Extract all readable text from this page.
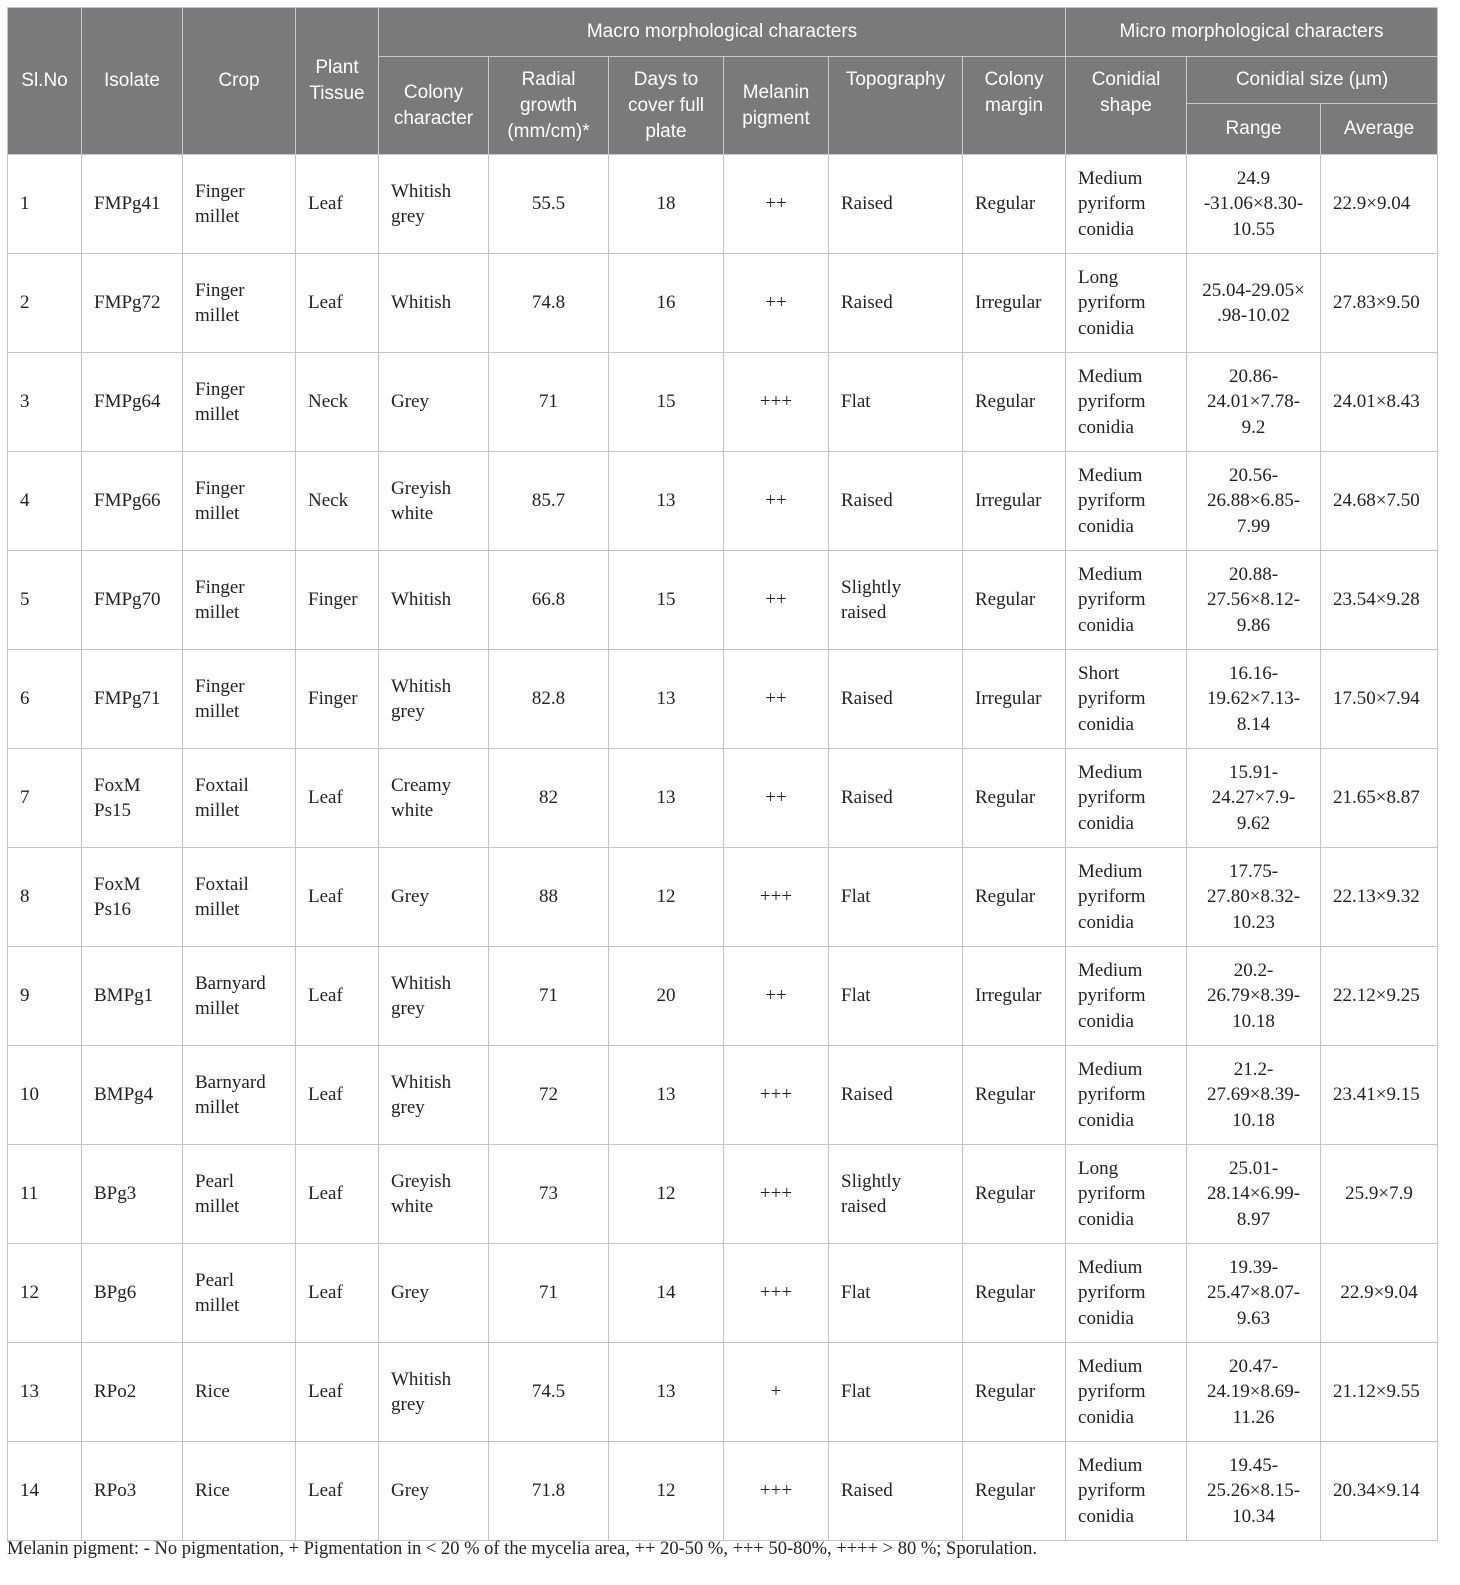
Sl.No	Isolate	Crop	Plant Tissue	Macro morphological characters						Micro morphological characters		
				Colony character	Radial growth (mm/cm)*	Days to cover full plate	Melanin pigment	Topography	Colony margin	Conidial shape	Conidial size (µm)	
											Range	Average
1	FMPg41	Finger millet	Leaf	Whitish grey	55.5	18	++	Raised	Regular	Medium pyriform conidia	24.9 -31.06×8.30-10.55	22.9×9.04
2	FMPg72	Finger millet	Leaf	Whitish	74.8	16	++	Raised	Irregular	Long pyriform conidia	25.04-29.05× .98-10.02	27.83×9.50
3	FMPg64	Finger millet	Neck	Grey	71	15	+++	Flat	Regular	Medium pyriform conidia	20.86-24.01×7.78-9.2	24.01×8.43
4	FMPg66	Finger millet	Neck	Greyish white	85.7	13	++	Raised	Irregular	Medium pyriform conidia	20.56-26.88×6.85-7.99	24.68×7.50
5	FMPg70	Finger millet	Finger	Whitish	66.8	15	++	Slightly raised	Regular	Medium pyriform conidia	20.88-27.56×8.12-9.86	23.54×9.28
6	FMPg71	Finger millet	Finger	Whitish grey	82.8	13	++	Raised	Irregular	Short pyriform conidia	16.16-19.62×7.13-8.14	17.50×7.94
7	FoxM Ps15	Foxtail millet	Leaf	Creamy white	82	13	++	Raised	Regular	Medium pyriform conidia	15.91-24.27×7.9-9.62	21.65×8.87
8	FoxM Ps16	Foxtail millet	Leaf	Grey	88	12	+++	Flat	Regular	Medium pyriform conidia	17.75-27.80×8.32-10.23	22.13×9.32
9	BMPg1	Barnyard millet	Leaf	Whitish grey	71	20	++	Flat	Irregular	Medium pyriform conidia	20.2-26.79×8.39-10.18	22.12×9.25
10	BMPg4	Barnyard millet	Leaf	Whitish grey	72	13	+++	Raised	Regular	Medium pyriform conidia	21.2-27.69×8.39-10.18	23.41×9.15
11	BPg3	Pearl millet	Leaf	Greyish white	73	12	+++	Slightly raised	Regular	Long pyriform conidia	25.01-28.14×6.99-8.97	25.9×7.9
12	BPg6	Pearl millet	Leaf	Grey	71	14	+++	Flat	Regular	Medium pyriform conidia	19.39-25.47×8.07-9.63	22.9×9.04
13	RPo2	Rice	Leaf	Whitish grey	74.5	13	+	Flat	Regular	Medium pyriform conidia	20.47-24.19×8.69-11.26	21.12×9.55
14	RPo3	Rice	Leaf	Grey	71.8	12	+++	Raised	Regular	Medium pyriform conidia	19.45-25.26×8.15-10.34	20.34×9.14
Melanin pigment: - No pigmentation, + Pigmentation in < 20 % of the mycelia area, ++ 20-50 %, +++ 50-80%, ++++ > 80 %; Sporulation.
